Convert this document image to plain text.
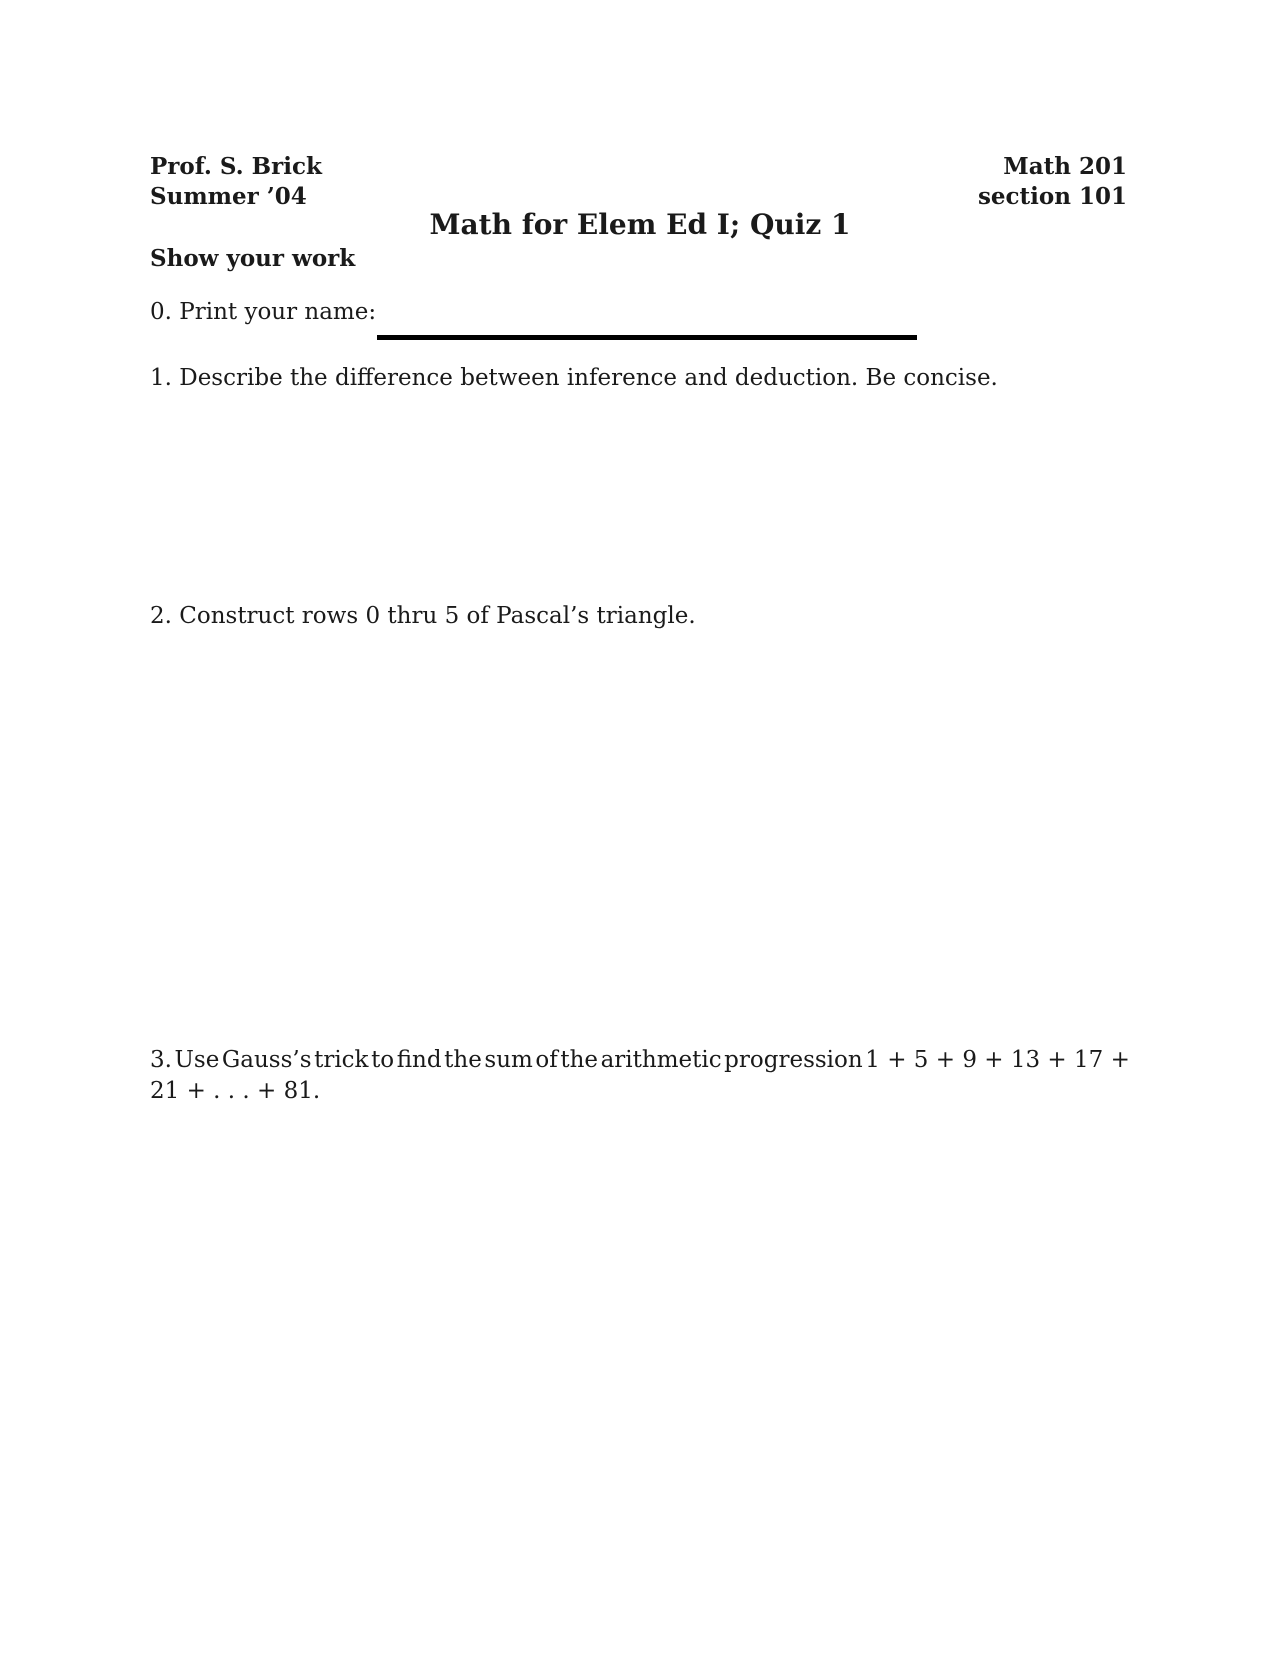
Prof. S. Brick
Summer ’04
Math 201
section 101
Math for Elem Ed I; Quiz 1
Show your work
0. Print your name:
1. Describe the difference between inference and deduction. Be concise.
2. Construct rows 0 thru 5 of Pascal’s triangle.
3. Use Gauss’s trick to find the sum of the arithmetic progression 1 + 5 + 9 + 13 + 17 +
21 + . . . + 81.
